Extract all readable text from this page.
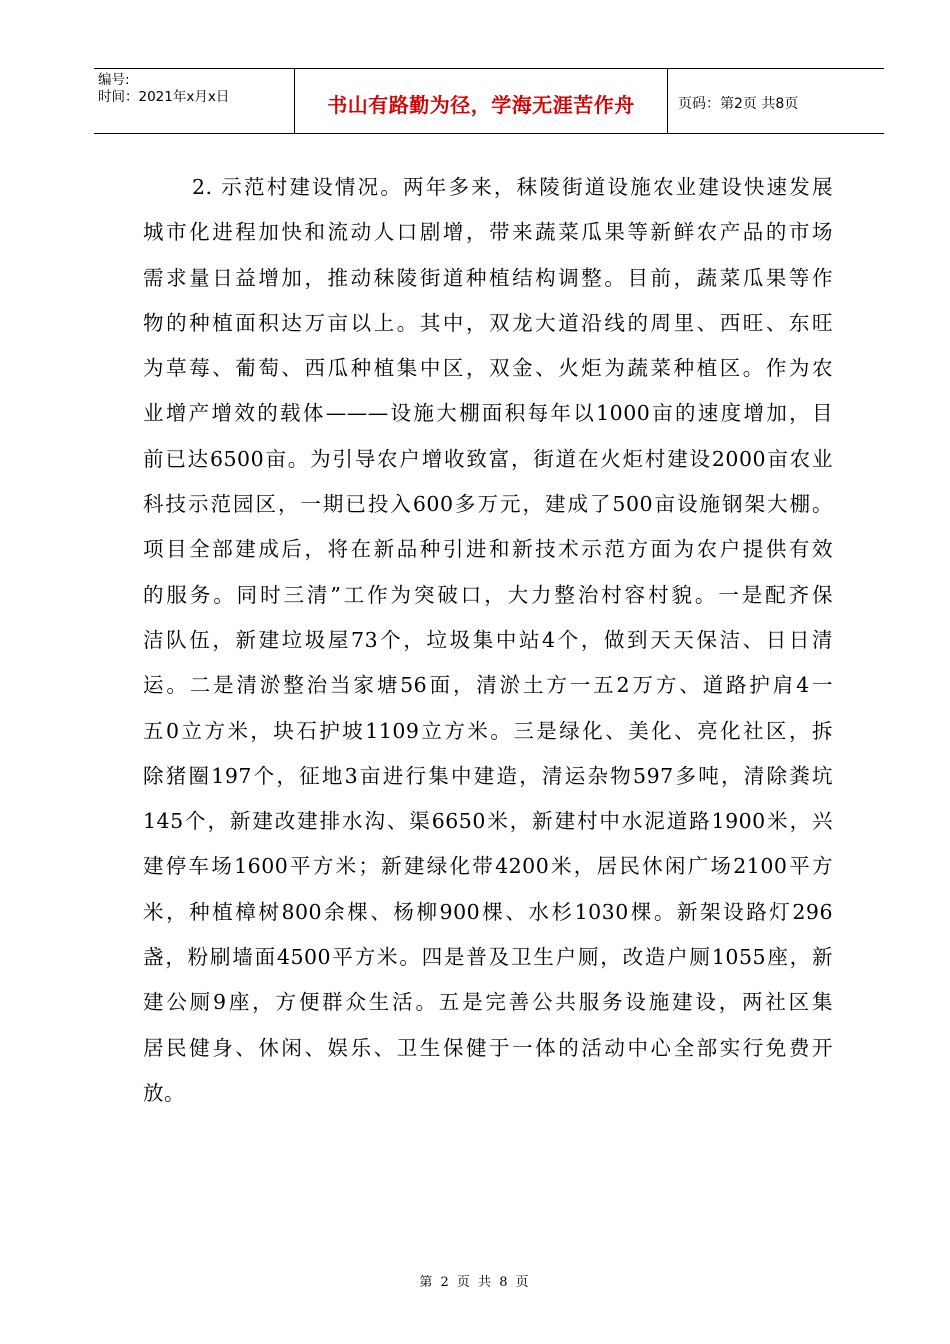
编号:
时间：2021年x月x日	书山有路勤为径，学海无涯苦作舟	页码：第2页 共8页
2. 示范村建设情况。两年多来，秣陵街道设施农业建设快速发展
城市化进程加快和流动人口剧增，带来蔬菜瓜果等新鲜农产品的市场
需求量日益增加，推动秣陵街道种植结构调整。目前，蔬菜瓜果等作
物的种植面积达万亩以上。其中，双龙大道沿线的周里、西旺、东旺
为草莓、葡萄、西瓜种植集中区，双金、火炬为蔬菜种植区。作为农
业增产增效的载体———设施大棚面积每年以1000亩的速度增加，目
前已达6500亩。为引导农户增收致富，街道在火炬村建设2000亩农业
科技示范园区，一期已投入600多万元，建成了500亩设施钢架大棚。
项目全部建成后，将在新品种引进和新技术示范方面为农户提供有效
的服务。同时三清”工作为突破口，大力整治村容村貌。一是配齐保
洁队伍，新建垃圾屋73个，垃圾集中站4个，做到天天保洁、日日清
运。二是清淤整治当家塘56面，清淤土方一五2万方、道路护肩4一
五0立方米，块石护坡1109立方米。三是绿化、美化、亮化社区，拆
除猪圈197个，征地3亩进行集中建造，清运杂物597多吨，清除粪坑
145个，新建改建排水沟、渠6650米，新建村中水泥道路1900米，兴
建停车场1600平方米；新建绿化带4200米，居民休闲广场2100平方
米，种植樟树800余棵、杨柳900棵、水杉1030棵。新架设路灯296
盏，粉刷墙面4500平方米。四是普及卫生户厕，改造户厕1055座，新
建公厕9座，方便群众生活。五是完善公共服务设施建设，两社区集
居民健身、休闲、娱乐、卫生保健于一体的活动中心全部实行免费开
放。
第 2 页 共 8 页
